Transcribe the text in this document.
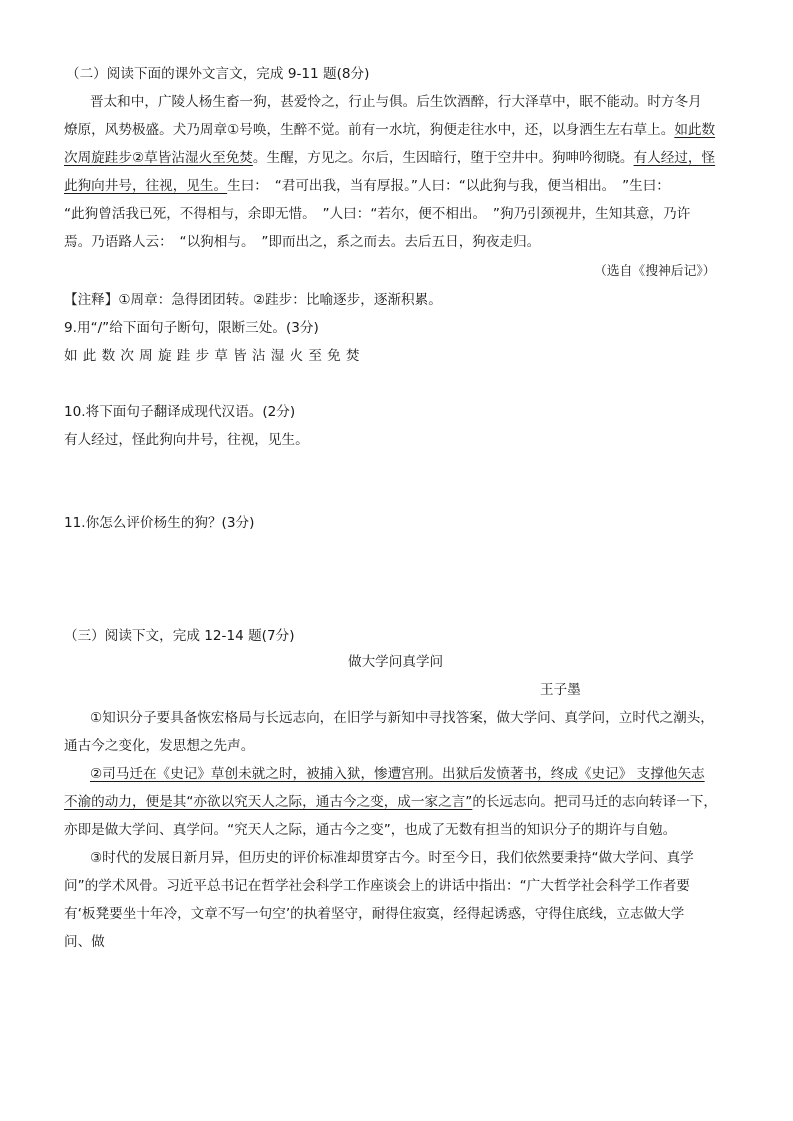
（二）阅读下面的课外文言文，完成 9-11 题(8分)
晋太和中，广陵人杨生畜一狗，甚爱怜之，行止与俱。后生饮酒醉，行大泽草中，眠不能动。时方冬月
燎原，风势极盛。犬乃周章①号唤，生醉不觉。前有一水坑，狗便走往水中，还，以身洒生左右草上。如此数
次周旋跬步②草皆沾湿火至免焚。生醒，方见之。尔后，生因暗行，堕于空井中。狗呻吟彻晓。有人经过，怪
此狗向井号，往视，见生。生曰：　“君可出我，当有厚报。”人曰：“以此狗与我，便当相出。　”生曰：
“此狗曾活我已死，不得相与，余即无惜。　”人曰：“若尔，便不相出。　”狗乃引颈视井，生知其意，乃许
焉。乃语路人云：　“以狗相与。　”即而出之，系之而去。去后五日，狗夜走归。
（选自《搜神后记》）
【注释】①周章：急得团团转。②跬步：比喻逐步，逐渐积累。
9.用“/”给下面句子断句，限断三处。(3分)
如此数次周旋跬步草皆沾湿火至免焚
10.将下面句子翻译成现代汉语。(2分)
有人经过，怪此狗向井号，往视，见生。
11.你怎么评价杨生的狗？(3分)
（三）阅读下文，完成 12-14 题(7分)
做大学问真学问
王子墨
①知识分子要具备恢宏格局与长远志向，在旧学与新知中寻找答案，做大学问、真学问，立时代之潮头，
通古今之变化，发思想之先声。
②司马迁在《史记》草创未就之时，被捕入狱，惨遭宫刑。出狱后发愤著书，终成《史记》 支撑他矢志
不渝的动力，便是其“亦欲以究天人之际，通古今之变，成一家之言”的长远志向。把司马迁的志向转译一下，
亦即是做大学问、真学问。“究天人之际，通古今之变”，也成了无数有担当的知识分子的期许与自勉。
③时代的发展日新月异，但历史的评价标准却贯穿古今。时至今日，我们依然要秉持“做大学问、真学
问”的学术风骨。习近平总书记在哲学社会科学工作座谈会上的讲话中指出：“广大哲学社会科学工作者要
有‘板凳要坐十年冷，文章不写一句空’的执着坚守，耐得住寂寞，经得起诱惑，守得住底线，立志做大学
问、做
